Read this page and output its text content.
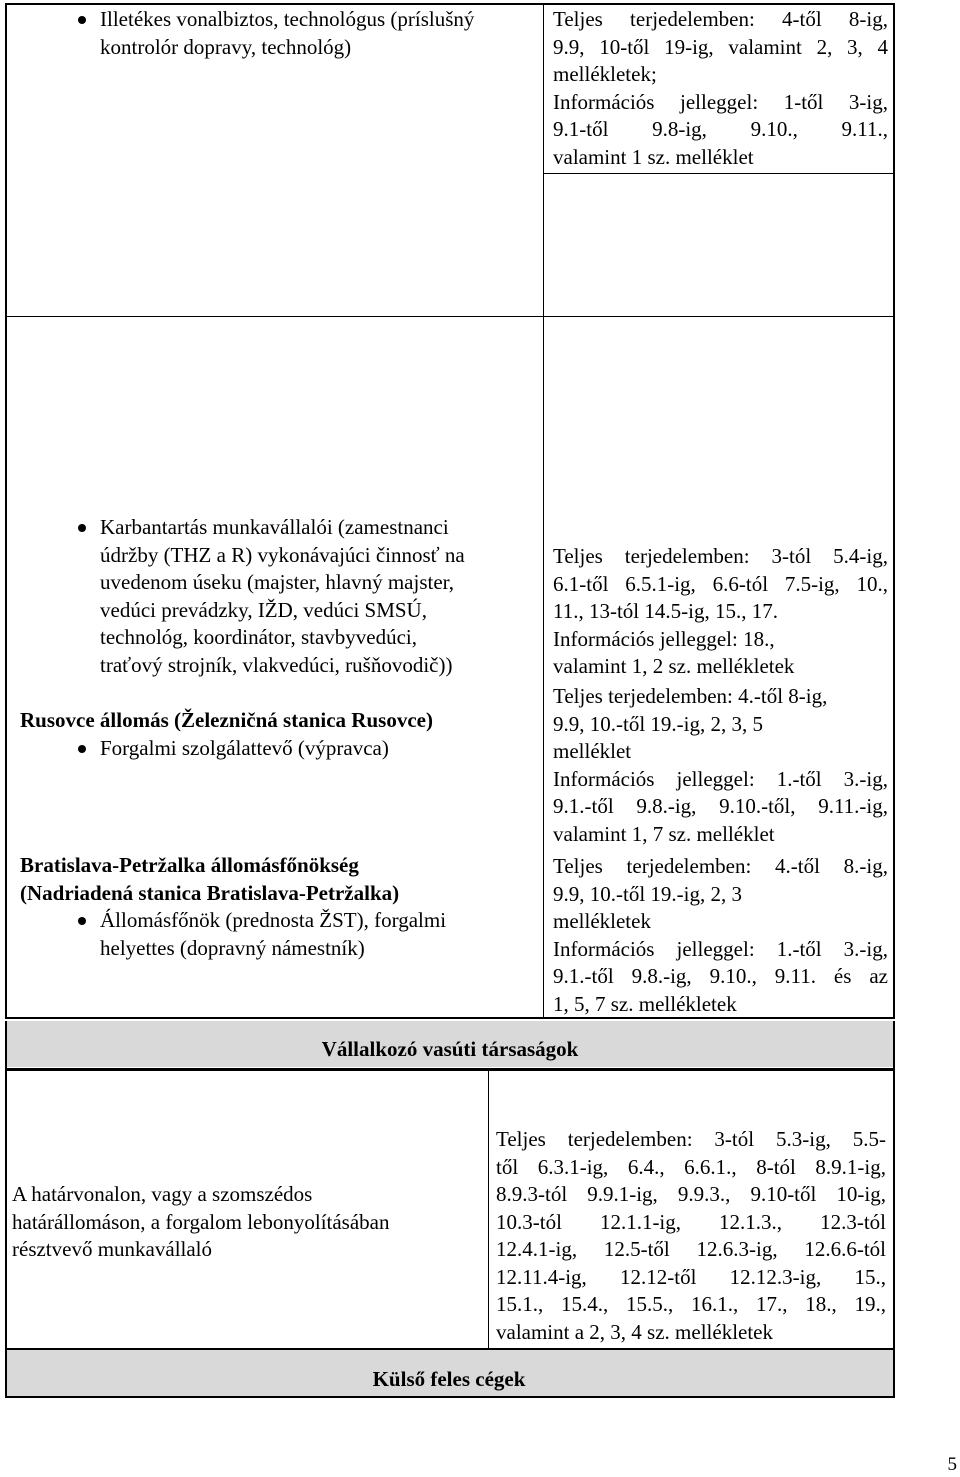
Illetékes vonalbiztos, technológus (príslušný
kontrolór dopravy, technológ)
Teljes terjedelemben: 4-től 8-ig,
9.9, 10-től 19-ig, valamint 2, 3, 4
mellékletek;
Információs jelleggel: 1-től 3-ig,
9.1-től 9.8-ig, 9.10., 9.11.,
valamint 1 sz. melléklet
Karbantartás munkavállalói (zamestnanci
údržby (THZ a R) vykonávajúci činnosť na
uvedenom úseku (majster, hlavný majster,
vedúci prevádzky, IŽD, vedúci SMSÚ,
technológ, koordinátor, stavbyvedúci,
traťový strojník, vlakvedúci, rušňovodič))
Rusovce állomás (Železničná stanica Rusovce)
Forgalmi szolgálattevő (výpravca)
Bratislava-Petržalka állomásfőnökség
(Nadriadená stanica Bratislava-Petržalka)
Állomásfőnök (prednosta ŽST), forgalmi
helyettes (dopravný námestník)
Teljes terjedelemben: 3-tól 5.4-ig,
6.1-től 6.5.1-ig, 6.6-tól 7.5-ig, 10.,
11., 13-tól 14.5-ig, 15., 17.
Információs jelleggel: 18.,
valamint 1, 2 sz. mellékletek
Teljes terjedelemben: 4.-től 8-ig,
9.9, 10.-től 19.-ig, 2, 3, 5
melléklet
Információs jelleggel: 1.-től 3.-ig,
9.1.-től 9.8.-ig, 9.10.-től, 9.11.-ig,
valamint 1, 7 sz. melléklet
Teljes terjedelemben: 4.-től 8.-ig,
9.9, 10.-től 19.-ig, 2, 3
mellékletek
Információs jelleggel: 1.-től 3.-ig,
9.1.-től 9.8.-ig, 9.10., 9.11. és az
1, 5, 7 sz. mellékletek
Vállalkozó vasúti társaságok
A határvonalon, vagy a szomszédos
határállomáson, a forgalom lebonyolításában
résztvevő munkavállaló
Teljes terjedelemben: 3-tól 5.3-ig, 5.5-
től 6.3.1-ig, 6.4., 6.6.1., 8-tól 8.9.1-ig,
8.9.3-tól 9.9.1-ig, 9.9.3., 9.10-től 10-ig,
10.3-tól 12.1.1-ig, 12.1.3., 12.3-tól
12.4.1-ig, 12.5-től 12.6.3-ig, 12.6.6-tól
12.11.4-ig, 12.12-től 12.12.3-ig, 15.,
15.1., 15.4., 15.5., 16.1., 17., 18., 19.,
valamint a 2, 3, 4 sz. mellékletek
Külső feles cégek
5
